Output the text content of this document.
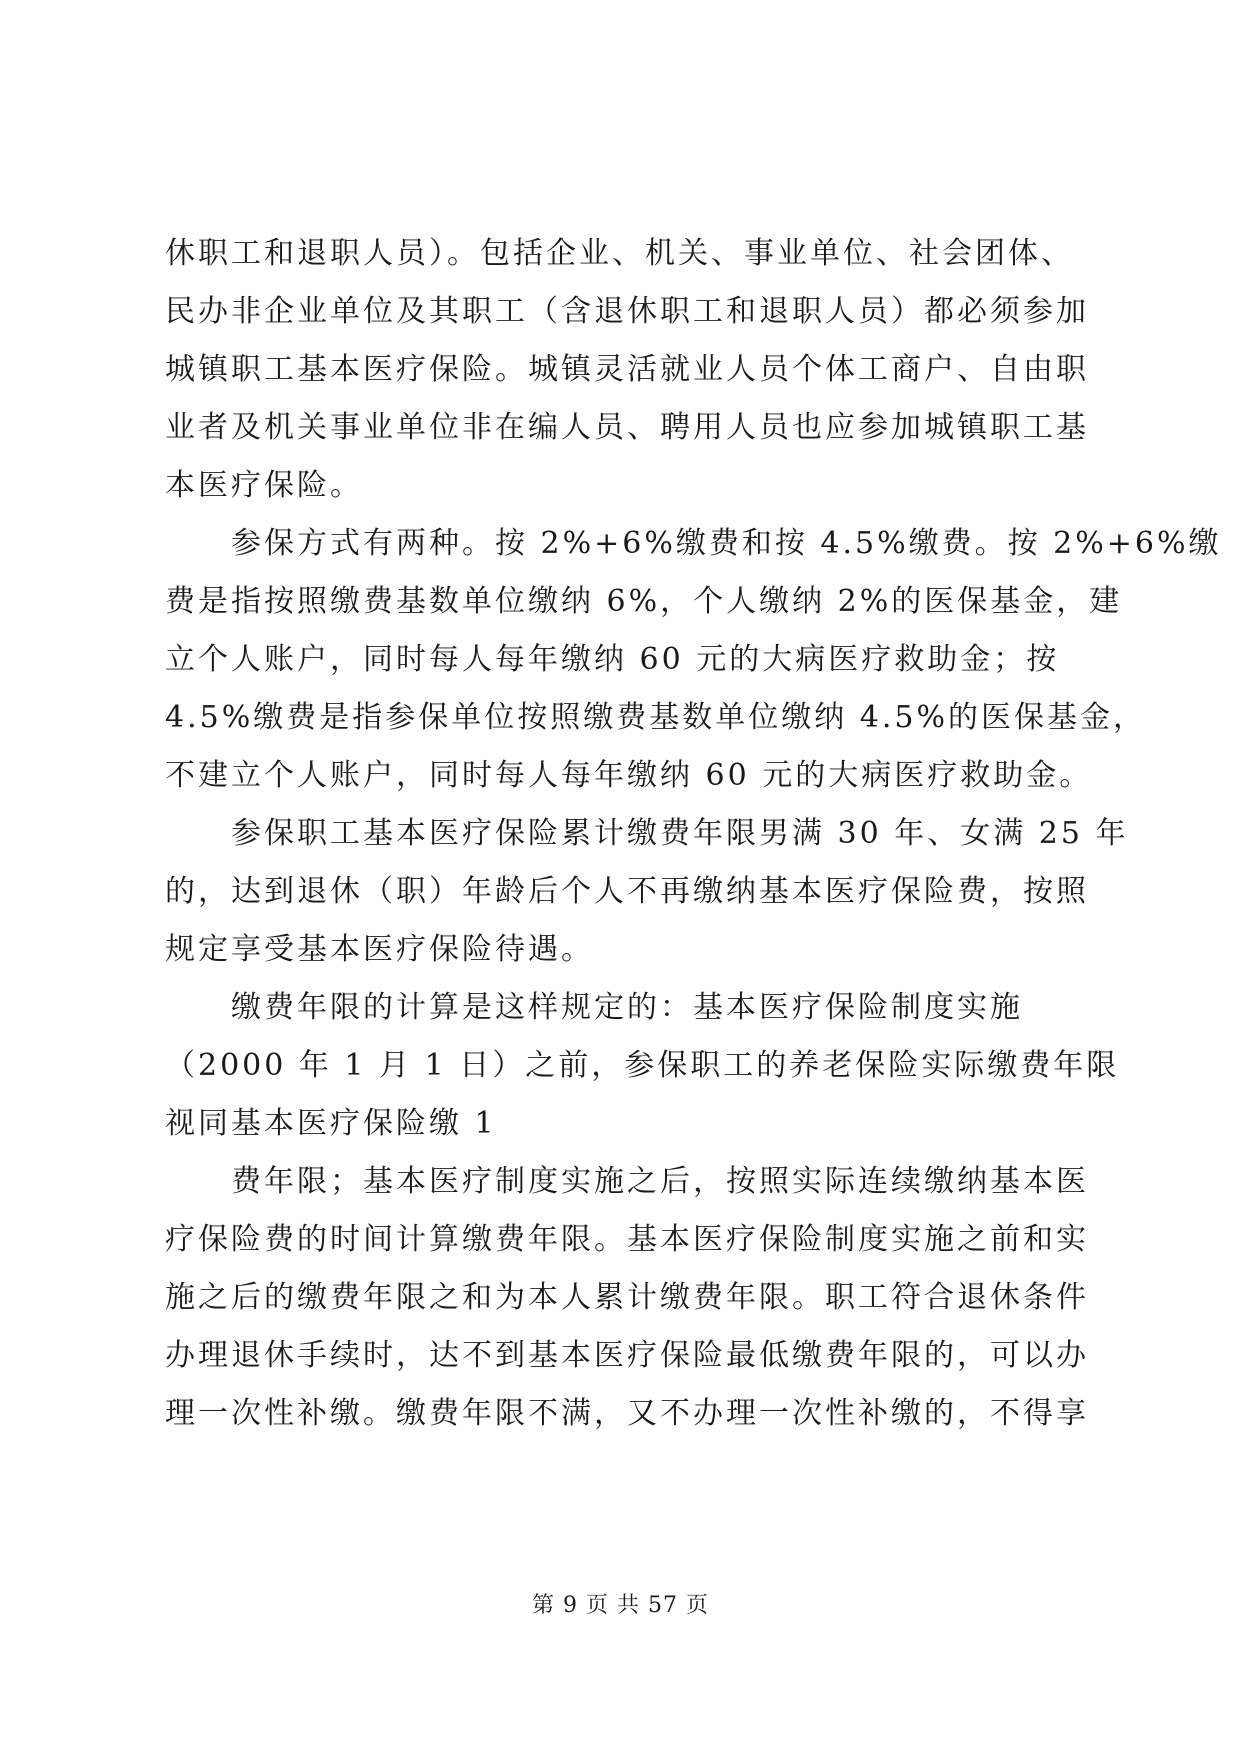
休职工和退职人员）。包括企业、机关、事业单位、社会团体、
民办非企业单位及其职工（含退休职工和退职人员）都必须参加
城镇职工基本医疗保险。城镇灵活就业人员个体工商户、自由职
业者及机关事业单位非在编人员、聘用人员也应参加城镇职工基
本医疗保险。
参保方式有两种。按 2%+6%缴费和按 4.5%缴费。按 2%+6%缴
费是指按照缴费基数单位缴纳 6%，个人缴纳 2%的医保基金，建
立个人账户，同时每人每年缴纳 60 元的大病医疗救助金；按
4.5%缴费是指参保单位按照缴费基数单位缴纳 4.5%的医保基金，
不建立个人账户，同时每人每年缴纳 60 元的大病医疗救助金。
参保职工基本医疗保险累计缴费年限男满 30 年、女满 25 年
的，达到退休（职）年龄后个人不再缴纳基本医疗保险费，按照
规定享受基本医疗保险待遇。
缴费年限的计算是这样规定的：基本医疗保险制度实施
（2000 年 1 月 1 日）之前，参保职工的养老保险实际缴费年限
视同基本医疗保险缴 1
费年限；基本医疗制度实施之后，按照实际连续缴纳基本医
疗保险费的时间计算缴费年限。基本医疗保险制度实施之前和实
施之后的缴费年限之和为本人累计缴费年限。职工符合退休条件
办理退休手续时，达不到基本医疗保险最低缴费年限的，可以办
理一次性补缴。缴费年限不满，又不办理一次性补缴的，不得享
第 9 页 共 57 页
